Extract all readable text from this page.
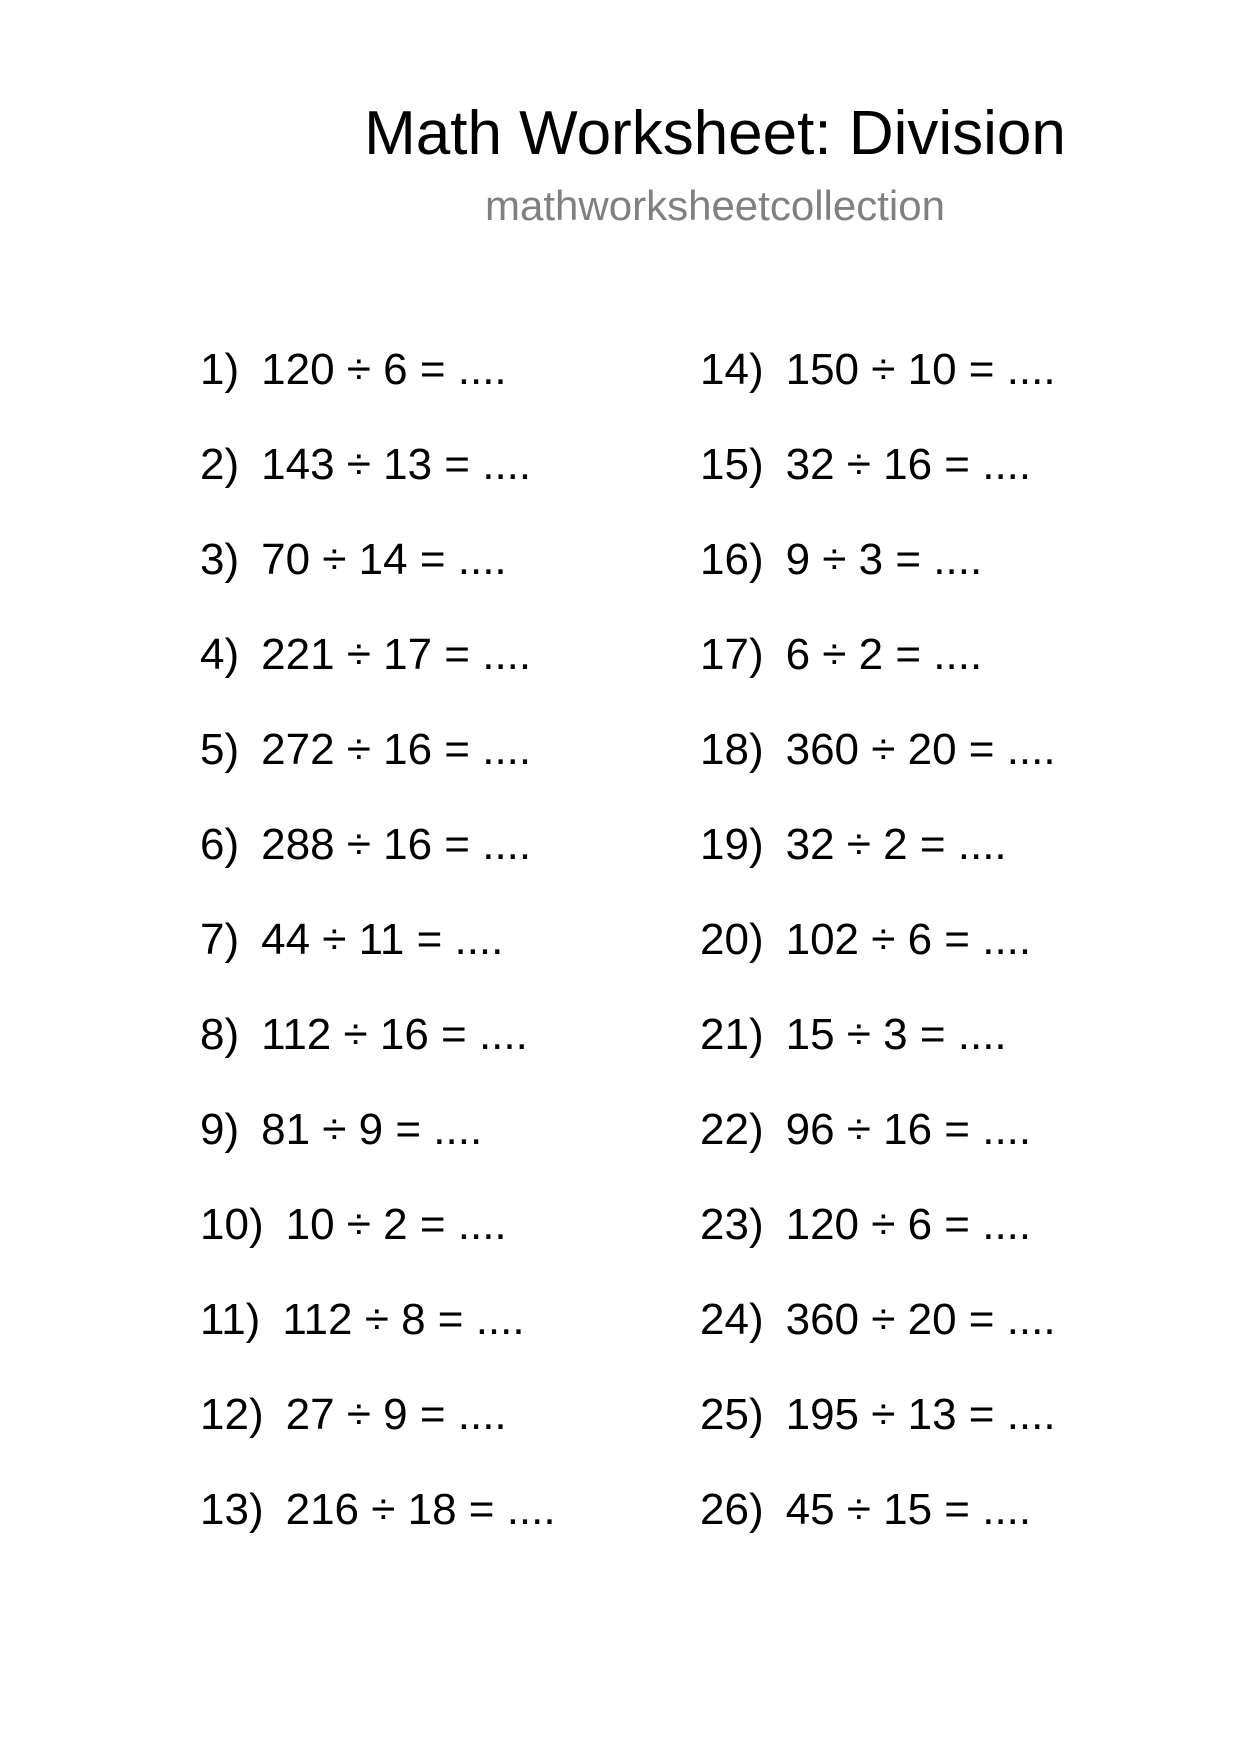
Math Worksheet: Division
mathworksheetcollection
1) 120 ÷ 6 = ....
2) 143 ÷ 13 = ....
3) 70 ÷ 14 = ....
4) 221 ÷ 17 = ....
5) 272 ÷ 16 = ....
6) 288 ÷ 16 = ....
7) 44 ÷ 11 = ....
8) 112 ÷ 16 = ....
9) 81 ÷ 9 = ....
10) 10 ÷ 2 = ....
11) 112 ÷ 8 = ....
12) 27 ÷ 9 = ....
13) 216 ÷ 18 = ....
14) 150 ÷ 10 = ....
15) 32 ÷ 16 = ....
16) 9 ÷ 3 = ....
17) 6 ÷ 2 = ....
18) 360 ÷ 20 = ....
19) 32 ÷ 2 = ....
20) 102 ÷ 6 = ....
21) 15 ÷ 3 = ....
22) 96 ÷ 16 = ....
23) 120 ÷ 6 = ....
24) 360 ÷ 20 = ....
25) 195 ÷ 13 = ....
26) 45 ÷ 15 = ....
